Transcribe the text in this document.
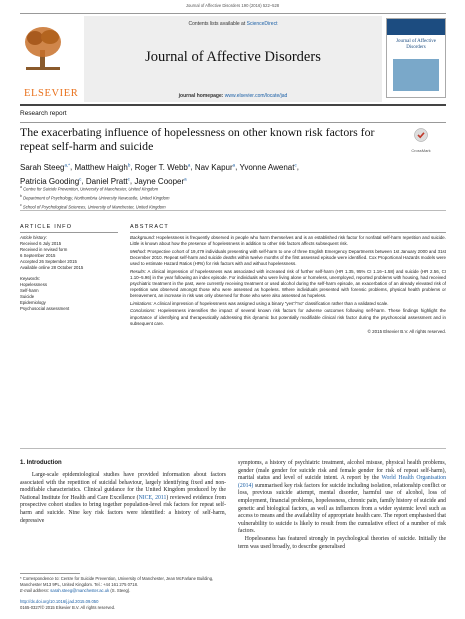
Journal of Affective Disorders 190 (2016) 522–528
ELSEVIER
Contents lists available at ScienceDirect
Journal of Affective Disorders
journal homepage: www.elsevier.com/locate/jad
Journal of Affective Disorders
Research report
The exacerbating influence of hopelessness on other known risk factors for repeat self-harm and suicide	CrossMark
Sarah Steeg$^{a,*}$, Matthew Haigh$^b$, Roger T. Webb$^a$, Nav Kapur$^a$, Yvonne Awenat$^c$,
Patricia Gooding$^c$, Daniel Pratt$^c$, Jayne Cooper$^a$
$^a$ Centre for Suicide Prevention, University of Manchester, United Kingdom
$^b$ Department of Psychology, Northumbria University Newcastle, United Kingdom
$^c$ School of Psychological Sciences, University of Manchester, United Kingdom
ARTICLE INFO	ABSTRACT
Article history:
Received 6 July 2015
Received in revised form
6 September 2015
Accepted 26 September 2015
Available online 28 October 2015
Keywords:
Hopelessness
Self-harm
Suicide
Epidemiology
Psychosocial assessment

Background: Hopelessness is frequently observed in people who harm themselves and is an established risk factor for nonfatal self-harm repetition and suicide. Little is known about how the presence of hopelessness in addition to other risk factors affects subsequent risk.

Method: Prospective cohort of 19,479 individuals presenting with self-harm to one of three English Emergency Departments between 1st January 2000 and 31st December 2010. Repeat self-harm and suicide deaths within twelve months of the first assessed episode were identified. Cox Proportional Hazards models were used to estimate Hazard Ratios (HRs) for risk factors with and without hopelessness.

Results: A clinical impression of hopelessness was associated with increased risk of further self-harm (HR 1.35, 95% CI 1.16–1.58) and suicide (HR 2.56, CI 1.10–5.96) in the year following an index episode. For individuals who were living alone or homeless, unemployed, reported problems with housing, had received psychiatric treatment in the past, were currently receiving treatment or used alcohol during the self-harm episode, an exacerbation of an already elevated risk of repetition was observed amongst those who were assessed as hopeless. Where individuals presented with forensic problems, physical health problems or bereavement, an increase in risk was only observed for those who were also assessed as hopeless.

Limitations: A clinical impression of hopelessness was assigned using a binary “yes”/“no” classification rather than a validated scale.

Conclusions: Hopelessness intensifies the impact of several known risk factors for adverse outcomes following self-harm. These findings highlight the importance of identifying and therapeutically addressing this dynamic but potentially modifiable clinical risk factor during the psychosocial assessment and in subsequent care.

© 2015 Elsevier B.V. All rights reserved.
1. Introduction

Large-scale epidemiological studies have provided information about factors associated with the repetition of suicidal behaviour, largely identifying fixed and non-modifiable characteristics. Clinical guidance for the United Kingdom produced by the National Institute for Health and Care Excellence (NICE, 2011) reviewed evidence from prospective cohort studies to bring together population-level risk factors for repeat self-harm and suicide. Nine key risk factors were identified: a history of self-harm, depressive

symptoms, a history of psychiatric treatment, alcohol misuse, physical health problems, gender (male gender for suicide risk and female gender for risk of repeat self-harm), marital status and level of suicide intent. A report by the World Health Organisation (2014) summarised key risk factors for suicide including isolation, relationship conflict or loss, previous suicide attempt, mental disorder, harmful use of alcohol, loss of employment, financial problems, hopelessness, chronic pain, family history of suicide and genetic and biological factors, as well as influences from a wider systemic level such as access to means and the availability of appropriate health care. The report emphasised that vulnerability to suicide is likely to result from the cumulative effect of a number of risk factors.

Hopelessness has featured strongly in psychological theories of suicide. Initially the term was used broadly, to describe generalised

* Correspondence to: Centre for Suicide Prevention, University of Manchester, Jean McFarlane Building, Manchester M13 9PL, United Kingdom. Tel.: +44 161 275 0718.
E-mail address: sarah.steeg@manchester.ac.uk (S. Steeg).
http://dx.doi.org/10.1016/j.jad.2015.09.050
0165-0327/© 2015 Elsevier B.V. All rights reserved.
